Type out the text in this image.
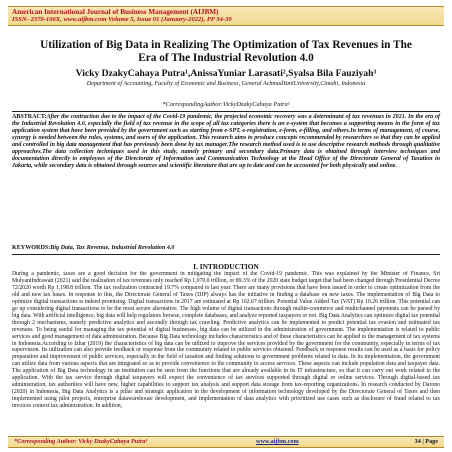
American International Journal of Business Management (AIJBM)
ISSN- 2379-106X, www.aijbm.com Volume 5, Issue 01 (January-2022), PP 34-39
Utilization of Big Data in Realizing The Optimization of Tax Revenues in The Era of The Industrial Revolution 4.0
Vicky DzakyCahaya Putra¹,AnissaYuniar Larasati²,Syalsa Bila Fauziyah³
Department of Accounting, Faculty of Economic and Business, General AchmadYaniUniversity,Cimahi, Indonesia
*CorrespondingAuthor:VickyDzakyCahaya Putra¹
ABSTRACT:After the contraction due to the impact of the Covid-19 pandemic, the projected economic recovery was a determinant of tax revenues in 2021. In the era of the Industrial Revolution 4.0, especially the field of tax revenue in the scope of all tax categories there is an e-system that becomes a supporting means in the form of tax application system that have been provided by the government such as starting from e-SPT, e-registration, e-form, e-filling, and others.In terms of management, of course, synergy is needed between the rules, systems, and users of the application. This research aims to produce concepts recommended by researchers so that they can be applied and controlled in big data management that has previously been done by tax manager.The research method used is to use descriptive research methods through qualitative approaches.The data collection techniques used in this study, namely primary and secondary data.Primary data is obtained through interview techniques and documentation directly to employees of the Directorate of Information and Communication Technology at the Head Office of the Directorate General of Taxation in Jakarta, while secondary data is obtained through sources and scientific literature that are up to date and can be accounted for both physically and online.
KEYWORDS:Big Data, Tax Revenue, Industrial Revolution 4.0
I. INTRODUCTION
During a pandemic, taxes are a good decision for the government in mitigating the impact of the Covid-19 pandemic. This was explained by the Minister of Finance, Sri MulyaniIndrawati (2021) said the realization of tax revenues only reached Rp 1,070.0 trillion, or 89.3% of the 2020 state budget target that had been changed through Presidential Decree 72/2020 worth Rp 1,198.8 trillion. The tax realization contracted 19.7% compared to last year. There are many provisions that have been issued in order to create optimization from the old and new tax bases. In response to this, the Directorate General of Taxes (DJP) always has the initiative in finding a database on new taxes. The implementation of Big Data to optimize digital transactions is indeed promising. Digital transactions in 2017 are estimated at Rp 102.67 trillion. Potential Value Added Tax (VAT) Rp 10.26 trillion. This potential can go up considering digital transactions to be the most secure alternative. The high volume of digital transactions through multie-commerce and multichannel payments can be parsed by big data. With artificial intelligence, big data will help regulators browse, complete databases, and analyze reported taxpayers or not. Big Data Analytics can optimize digital tax potential through 2 mechanisms, namely predictive analytics and secondly through tax crawling. Predictive analytics can be implemented to predict potential tax evasion and estimated tax revenues. To being useful for managing the tax potential of digital businesses, big data can be utilized in the administration of government. The implementation is related to public services and good management of data administration. Because Big Data technology includes characteristics and of these characteristics can be applied to the management of tax systems in Indonesia.According to Izhar (2019) the characteristics of big data can be utilized to improve the services provided by the government for the community, especially in terms of tax supervision. Its utilization can also provide feedback or response from the community related to public services obtained. Feedback or response results can be used as a basis for policy preparation and improvement of public services, especially in the field of taxation and finding solutions to government problems related to data. In its implementation, the government can utilize data from various aspects that are integrated so as to provide convenience to the community to access services. These aspects can include population data and taxpayer data. The application of Big Data technology in an institution can be seen from the functions that are already available in its IT infrastructure, so that it can carry out work related to the application. With the tax service through digital taxpayers will expect the convenience of tax services supported through digital or online services. Through digital-based tax administration, tax authorities will have new, higher capabilities to support tax analysis and support data storage from tax-reporting organizations. In research conducted by Darono (2020) in Indonesia, Big Data Analytics is a pillar and strategic application in the development of information technology developed by the Directorate General of Taxes and then implemented using pilot projects, enterprise datawarehouse development, and implementation of data analytics with prioritized use cases such as disclosure of fraud related to tax invoices context tax administration. In addition,
*Corresponding Author: Vicky DzakyCahaya Putra¹	www.aijbm.com	34 | Page
